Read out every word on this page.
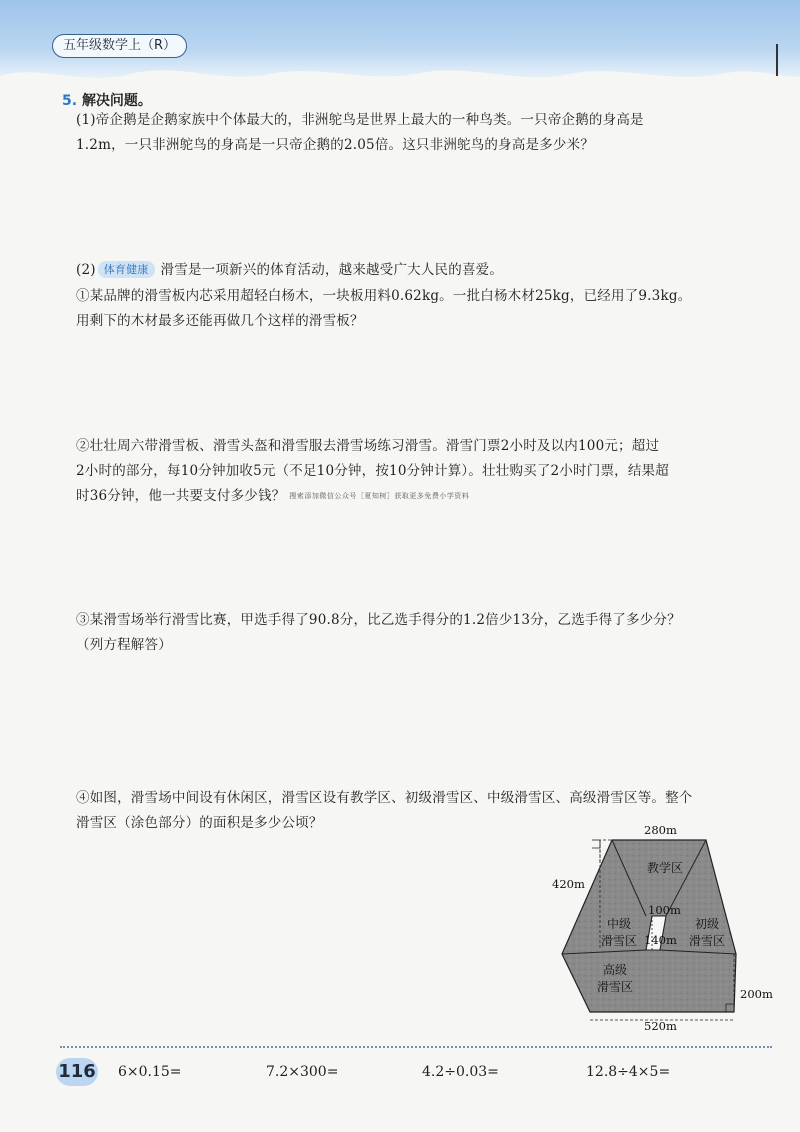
五年级数学上（R）
5. 解决问题。
(1)帝企鹅是企鹅家族中个体最大的，非洲鸵鸟是世界上最大的一种鸟类。一只帝企鹅的身高是
1.2m，一只非洲鸵鸟的身高是一只帝企鹅的2.05倍。这只非洲鸵鸟的身高是多少米？
(2) 体育健康 滑雪是一项新兴的体育活动，越来越受广大人民的喜爱。
①某品牌的滑雪板内芯采用超轻白杨木，一块板用料0.62kg。一批白杨木材25kg，已经用了9.3kg。
用剩下的木材最多还能再做几个这样的滑雪板？
②壮壮周六带滑雪板、滑雪头盔和滑雪服去滑雪场练习滑雪。滑雪门票2小时及以内100元；超过
2小时的部分，每10分钟加收5元（不足10分钟，按10分钟计算）。壮壮购买了2小时门票，结果超
时36分钟，他一共要支付多少钱？ 搜索添加微信公众号［夏知树］获取更多免费小学资料
③某滑雪场举行滑雪比赛，甲选手得了90.8分，比乙选手得分的1.2倍少13分，乙选手得了多少分？
（列方程解答）
④如图，滑雪场中间设有休闲区，滑雪区设有教学区、初级滑雪区、中级滑雪区、高级滑雪区等。整个
滑雪区（涂色部分）的面积是多少公顷？	280m
420m
100m
140m
200m
520m
教学区
中级
滑雪区
初级
滑雪区
高级
滑雪区
116 6×0.15=	7.2×300=	4.2÷0.03=	12.8÷4×5=
